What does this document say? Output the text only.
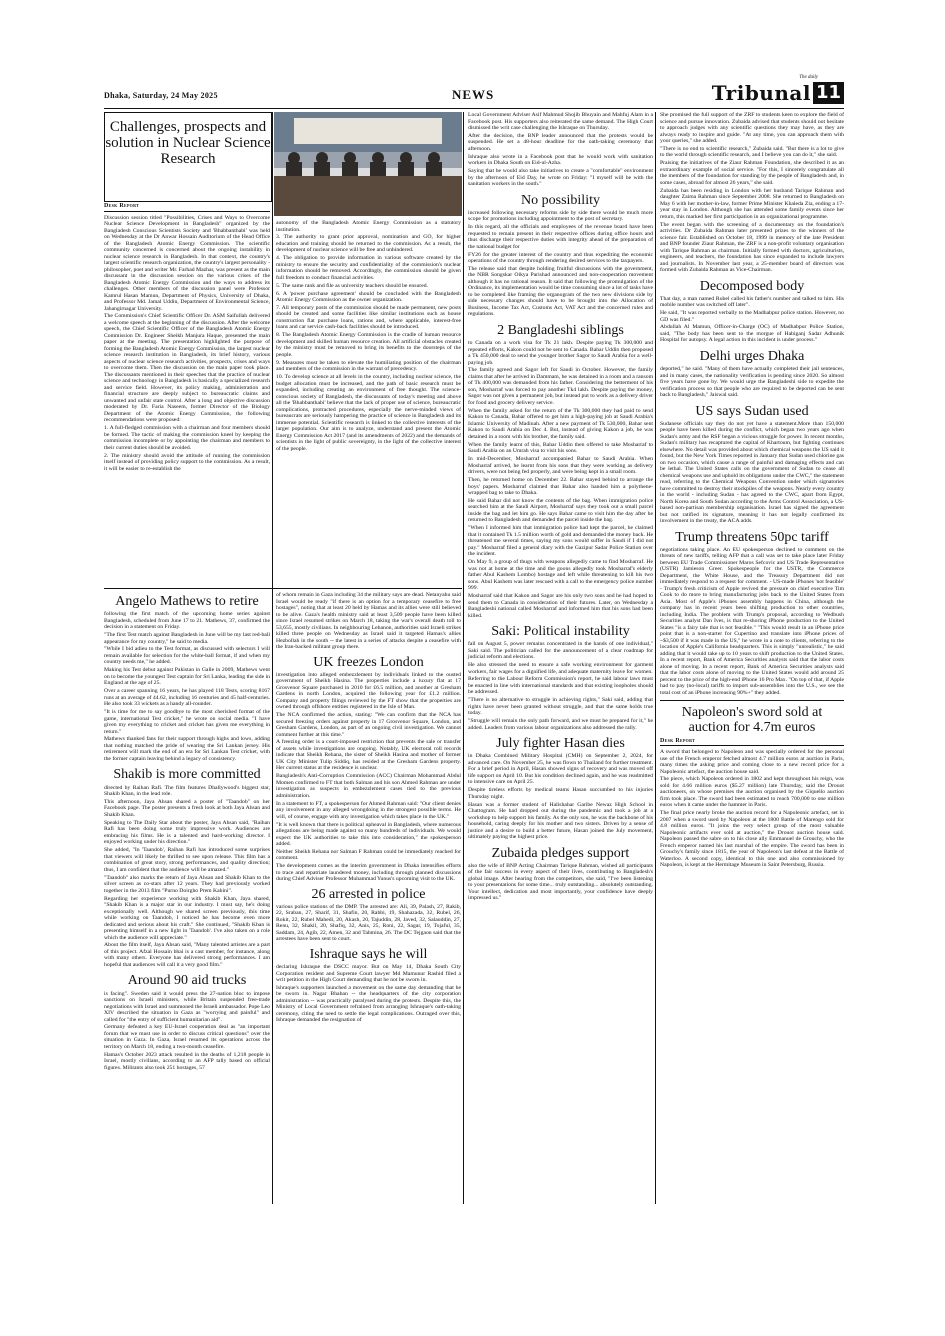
Dhaka, Saturday, 24 May 2025	NEWS
The daily
Tribunal 11
Challenges, prospects and solution in Nuclear Science Research
Desk Report

Discussion session titled "Possibilities, Crises and Ways to Overcome Nuclear Science Development in Bangladesh" organized by the Bangladesh Conscious Scientists Society and 'Bhabbanthabi' was held on Wednesday at the Dr Anwar Hossain Auditorium of the Head Office of the Bangladesh Atomic Energy Commission. The scientific community concerned is concerned about the ongoing instability in nuclear science research in Bangladesh. In that context, the country's largest scientific research organization, the country's largest personality - philosopher, poet and writer Mr. Farhad Mazhar, was present as the main discussant in the discussion session on the various crises of the Bangladesh Atomic Energy Commission and the ways to address its challenges. Other members of the discussion panel were Professor Kamrul Hasan Mamun, Department of Physics, University of Dhaka, and Professor Md. Jamal Uddin, Department of Environmental Science, Jahangirnagar University.

The Commission's Chief Scientific Officer Dr. ASM Saifullah delivered a welcome speech at the beginning of the discussion. After the welcome speech, the Chief Scientific Officer of the Bangladesh Atomic Energy Commission Dr. Engineer Sheikh Manjura Haque, presented the main paper at the meeting. The presentation highlighted the purpose of forming the Bangladesh Atomic Energy Commission, the largest nuclear science research institution in Bangladesh, its brief history, various aspects of nuclear science research activities, prospects, crises and ways to overcome them. Then the discussion on the main paper took place. The discussants mentioned in their speeches that the practice of nuclear science and technology in Bangladesh is basically a specialized research and service field. However, its policy making, administration and financial structure are deeply subject to bureaucratic claims and unwanted and unfair state control. After a long and objective discussion moderated by Dr. Faria Naseem, former Director of the Biology Department of the Atomic Energy Commission, the following recommendations were proposed:

1. A full-fledged commission with a chairman and four members should be formed. The tactic of making the commission kneel by keeping the commission incomplete or by appointing the chairman and members to their current duties should be avoided.

2. The ministry should avoid the attitude of running the commission itself instead of providing policy support to the commission. As a result, it will be easier to re-establish the

autonomy of the Bangladesh Atomic Energy Commission as a statutory institution.

3. The authority to grant prior approval, nomination and GO, for higher education and training should be returned to the commission. As a result, the development of nuclear science will be free and unhindered.

4. The obligation to provide information in various software created by the ministry to ensure the security and confidentiality of the commission's nuclear information should be removed. Accordingly, the commission should be given full freedom to conduct financial activities.

5. The same rank and file as university teachers should be ensured.

6. A 'power purchase agreement' should be concluded with the Bangladesh Atomic Energy Commission as the owner organization.

7. All temporary posts of the commission should be made permanent, new posts should be created and some facilities like similar institutions such as house construction flat purchase loans, rations and, where applicable, interest-free loans and car service cash-back facilities should be introduced.

8. The Bangladesh Atomic Energy Commission is the cradle of human resource development and skilled human resource creation. All artificial obstacles created by the ministry must be removed to bring its benefits to the doorsteps of the people.

9. Measures must be taken to elevate the humiliating position of the chairman and members of the commission in the warrant of precedency.

10. To develop science at all levels in the country, including nuclear science, the budget allocation must be increased, and the path of basic research must be expanded, including creating an environment of free thought. The science-conscious society of Bangladesh, the discussants of today's meeting and above all the 'Bhabbanthabi' believe that the lack of proper use of science, bureaucratic complications, protracted procedures, especially the nerve-minded views of bureaucrats are seriously hampering the practice of science in Bangladesh and its immense potential. Scientific research is linked to the collective interests of the larger population. Our aim is to analyze, understand and present the Atomic Energy Commission Act 2017 (and its amendments of 2022) and the demands of scientists in the light of public sovereignty, in the light of the collective interest of the people.

Angelo Mathews to retire

following the first match of the upcoming home series against Bangladesh, scheduled from June 17 to 21. Mathews, 37, confirmed the decision in a statement on Friday.

"The first Test match against Bangladesh in June will be my last red-ball appearance for my country," he said to media.

"While I bid adieu to the Test format, as discussed with selectors I will remain available for selection for the white-ball format, if and when my country needs me," he added.

Making his Test debut against Pakistan in Galle in 2009, Mathews went on to become the youngest Test captain for Sri Lanka, leading the side in England at the age of 25.

Over a career spanning 16 years, he has played 118 Tests, scoring 8167 runs at an average of 44.62, including 16 centuries and 45 half-centuries. He also took 33 wickets as a handy all-rounder.

"It is time for me to say goodbye to the most cherished format of the game, international Test cricket," he wrote on social media. "I have given my everything to cricket and cricket has given me everything in return."

Mathews thanked fans for their support through highs and lows, adding that nothing matched the pride of wearing the Sri Lankan jersey. His retirement will mark the end of an era for Sri Lankan Test cricket, with the former captain leaving behind a legacy of consistency.

Shakib is more committed

directed by Raihan Rafi. The film features Dhallywood's biggest star, Shakib Khan, in the lead role.

This afternoon, Jaya Ahsan shared a poster of "Taandob" on her Facebook page. The poster presents a fresh look at both Jaya Ahsan and Shakib Khan.

Speaking to The Daily Star about the poster, Jaya Ahsan said, "Raihan Rafi has been doing some truly impressive work. Audiences are embracing his films. He is a talented and hard-working director. I enjoyed working under his direction."

She added, "In 'Taandob', Raihan Rafi has introduced some surprises that viewers will likely be thrilled to see upon release. This film has a combination of great story, strong performances, and quality direction; thus, I am confident that the audience will be amazed."

"Taandob" also marks the return of Jaya Ahsan and Shakib Khan to the silver screen as co-stars after 12 years. They had previously worked together in the 2013 film "Purno Doirgho Prem Kahini".

Regarding her experience working with Shakib Khan, Jaya shared, "Shakib Khan is a major star in our industry. I must say, he's doing exceptionally well. Although we shared screen previously, this time while working on Taandob, I noticed he has become even more dedicated and serious about his craft." She continued, "Shakib Khan is presenting himself in a new light in 'Taandob'. I've also taken on a role which the audience will appreciate."

About the film itself, Jaya Ahsan said, "Many talented artistes are a part of this project. Afzal Hossain bhai is a cast member, for instance, along with many others. Everyone has delivered strong performances. I am hopeful that audiences will call it a very good film."

Around 90 aid trucks

is facing". Sweden said it would press the 27-nation bloc to impose sanctions on Israeli ministers, while Britain suspended free-trade negotiations with Israel and summoned the Israeli ambassador. Pope Leo XIV described the situation in Gaza as "worrying and painful" and called for "the entry of sufficient humanitarian aid".

Germany defeated a key EU-Israel cooperation deal as "an important forum that we must use in order to discuss critical questions" over the situation in Gaza. In Gaza, Israel resumed its operations across the territory on March 18, ending a two-month ceasefire.

Hamas's October 2023 attack resulted in the deaths of 1,218 people in Israel, mostly civilians, according to an AFP tally based on official figures. Militants also took 251 hostages, 57

of whom remain in Gaza including 34 the military says are dead. Netanyahu said Israel would be ready "if there is an option for a temporary ceasefire to free hostages", noting that at least 20 held by Hamas and its allies were still believed to be alive. Gaza's health ministry said at least 3,509 people have been killed since Israel resumed strikes on March 18, taking the war's overall death toll to 53,655, mostly civilians. In neighbouring Lebanon, authorities said Israeli strikes killed three people on Wednesday as Israel said it targeted Hamas's allies Hezbollah in the south -- the latest in a series of attacks despite a ceasefire with the Iran-backed militant group there.

UK freezes London

investigation into alleged embezzlement by individuals linked to the ousted government of Sheikh Hasina. The properties include a luxury flat at 17 Grosvenor Square purchased in 2010 for £6.5 million, and another at Gresham Gardens in north London, acquired the following year for £1.2 million. Company and property filings reviewed by the FT show that the properties are owned through offshore entities registered in the Isle of Man.

The NCA confirmed the action, stating: "We can confirm that the NCA has secured freezing orders against property in 17 Grosvenor Square, London, and Gresham Gardens, London, as part of an ongoing civil investigation. We cannot comment further at this time."

A freezing order is a court-imposed restriction that prevents the sale or transfer of assets while investigations are ongoing. Notably, UK electoral roll records indicate that Sheikh Rehana, the sister of Sheikh Hasina and mother of former UK City Minister Tulip Siddiq, has resided at the Gresham Gardens property. Her current status at the residence is unclear.

Bangladesh's Anti-Corruption Commission (ACC) Chairman Mohammad Abdul Momen confirmed to FT that both Salman and his son Ahmed Rahman are under investigation as suspects in embezzlement cases tied to the previous administration.

In a statement to FT, a spokesperson for Ahmed Rahman said: "Our client denies any involvement in any alleged wrongdoing in the strongest possible terms. He will, of course, engage with any investigation which takes place in the UK."

"It is well known that there is political upheaval in Bangladesh, where numerous allegations are being made against so many hundreds of individuals. We would expect the UK authorities to take this into consideration," the spokesperson added.

Neither Sheikh Rehana nor Salman F Rahman could be immediately reached for comment.

The development comes as the interim government in Dhaka intensifies efforts to trace and repatriate laundered money, including through planned discussions during Chief Adviser Professor Muhammad Yunus's upcoming visit to the UK.

26 arrested in police

various police stations of the DMP. The arrested are: Ali, 39, Palash, 27, Rakib, 22, Sraban, 27, Sharif, 31, Shafin, 20, Rabbi, 19, Shahazada, 32, Rubel, 26, Rokit, 22, Rubel Mahedi, 20, Akash, 20, Tajuddin, 28, Javed, 32, Salauddin, 27, Renu, 32, Shakil, 20, Shafiq, 32, Anis, 25, Roni, 22, Sagar, 19, Tojaful, 35, Saddam, 24, Agib, 22, Amen, 32 and Tahmina, 26. The DC Tejgaon said that the arrestees have been sent to court.

Ishraque says he will

declaring Ishraque the DSCC mayor. But on May 14, Dhaka South City Corporation resident and Supreme Court lawyer Md Mamunur Rashid filed a writ petition in the High Court demanding that he not be sworn in.

Ishraque's supporters launched a movement on the same day demanding that he be sworn in. Nagar Bhaban -- the headquarters of the city corporation administration -- was practically paralysed during the protests. Despite this, the Ministry of Local Government refrained from arranging Ishraque's oath-taking ceremony, citing the need to settle the legal complications. Outraged over this, Ishraque demanded the resignation of

Local Government Adviser Asif Mahmud Shojib Bhuyain and Mahfuj Alam in a Facebook post. His supporters also reiterated the same demand. The High Court dismissed the writ case challenging the Ishraque on Thursday.

After the decision, the BNP leader announced that the protests would be suspended. He set a 48-hour deadline for the oath-taking ceremony that afternoon.

Ishraque also wrote in a Facebook post that he would work with sanitation workers in Dhaka South on Eid-ul-Azha.

Saying that he would also take initiatives to create a "comfortable" environment by the afternoon of Eid Day, he wrote on Friday: "I myself will be with the sanitation workers in the south."

No possibility

increased following necessary reforms side by side there would be much more scope for promotions including appointment to the post of secretary.

In this regard, all the officials and employees of the revenue board have been requested to remain present in their respective offices during office hours and thus discharge their respective duties with integrity ahead of the preparation of the national budget for

FY26 for the greater interest of the country and thus expediting the economic operations of the country through rendering desired services to the taxpayers.

The release said that despite holding fruitful discussions with the government, the NBR Songskar Oikya Parishad announced and non-cooperation movement although it has no rational reason. It said that following the promulgation of the Ordinance, its implementation would be time consuming since a lot of tasks have to be completed like framing the organogram of the two new divisions side by side necessary changes should have to be brought into the Allocation of Business, Income Tax Act, Customs Act, VAT Act and the concerned rules and regulations.

2 Bangladeshi siblings

to Canada on a work visa for Tk 21 lakh. Despite paying Tk 300,000 and repeated efforts, Kakon could not be sent to Canada. Bahar Uddin then proposed a Tk 450,000 deal to send the younger brother Sagor to Saudi Arabia for a well-paying job.

The family agreed and Sagor left for Saudi in October. However, the family claims that after he arrived in Dammam, he was detained in a room and a ransom of Tk 400,000 was demanded from his father. Considering the betterment of his son, Mosharraf was forced to pay another Tk4 lakh. Despite paying the money, Sagor was not given a permanent job, but instead put to work as a delivery driver for food and grocery delivery service.

When the family asked for the return of the Tk 300,000 they had paid to send Kakon to Canada, Bahar offered to get him a high-paying job at Saudi Arabia's Islamic University of Madinah. After a new payment of Tk 530,000, Bahar sent Kakon to Saudi Arabia on Dec 4. But, instead of giving Kakon a job, he was detained in a room with his brother, the family said.

When the family learnt of this, Bahar Uddin then offered to take Mosharraf to Saudi Arabia on an Umrah visa to visit his sons.

In mid-December, Mosharraf accompanied Bahar to Saudi Arabia. When Mosharraf arrived, he learnt from his sons that they were working as delivery drivers, were not being fed properly, and were being kept in a small room.

Then, he returned home on December 22. Bahar stayed behind to arrange the boys' papers. Mosharraf claimed that Bahar also handed him a polythene-wrapped bag to take to Dhaka.

He said Bahar did not know the contents of the bag. When immigration police searched him at the Saudi Airport, Mosharraf says they took out a small parcel inside the bag and let him go. He says Bahar came to visit him the day after he returned to Bangladesh and demanded the parcel inside the bag.

"When I informed him that immigration police had kept the parcel, he claimed that it contained Tk 1.5 million worth of gold and demanded the money back. He threatened me several times, saying my sons would suffer in Saudi if I did not pay." Mosharraf filed a general diary with the Gazipur Sadar Police Station over the incident.

On May 9, a group of thugs with weapons allegedly came to find Mosharraf. He was not at home at the time and the goons allegedly took Mosharraf's elderly father Abul Kashem Lombo) hostage and left while threatening to kill his two sons. Abul Kashem was later rescued with a call to the emergency police number 999.

Mosharraf said that Kakon and Sagor are his only two sons and he had hoped to send them to Canada in consideration of their futures. Later, on Wednesday a Bangladeshi national called Mosharraf and informed him that his sons had been killed.

Saki: Political instability

fall on August 5, power remains concentrated in the hands of one individual," Saki said. The politician called for the announcement of a clear roadmap for judicial reform and elections.

He also stressed the need to ensure a safe working environment for garment workers, fair wages for a dignified life, and adequate maternity leave for women.

Referring to the Labour Reform Commission's report, he said labour laws must be enacted in line with international standards and that existing loopholes should be addressed.

"There is no alternative to struggle in achieving rights," Saki said, adding that rights have never been granted without struggle, and that the same holds true today.

"Struggle will remain the only path forward, and we must be prepared for it," he added. Leaders from various labour organizations also addressed the rally.

July fighter Hasan dies

in Dhaka Combined Military Hospital (CMH) on September 2, 2024, for advanced care. On November 25, he was flown to Thailand for further treatment. For a brief period in April, Hasan showed signs of recovery and was moved off life support on April 10. But his condition declined again, and he was readmitted to intensive care on April 25.

Despite tireless efforts by medical teams Hasan succumbed to his injuries Thursday night.

Hasan was a former student of Halishahar Garibe Newaz High School in Chattogram. He had dropped out during the pandemic and took a job at a workshop to help support his family. As the only son, he was the backbone of his household, caring deeply for his mother and two sisters. Driven by a sense of justice and a desire to build a better future, Hasan joined the July movement, ultimately paying the highest price.

Zubaida pledges support

also the wife of BNP Acting Chairman Tarique Rahman, wished all participants of the fair success in every aspect of their lives, contributing to Bangladesh's global image. After hearing from the competitors, she said, "I've been listening to your presentations for some time... truly outstanding... absolutely outstanding. Your intellect, dedication and most importantly, your confidence have deeply impressed us."

She promised the full support of the ZRF to students keen to explore the field of science and pursue innovation. Zubaida advised that students should not hesitate to approach judges with any scientific questions they may have, as they are always ready to inspire and guide. "At any time, you can approach them with your queries," she added.

"There is no end to scientific research," Zubaida said. "But there is a lot to give to the world through scientific research, and I believe you can do it," she said.

Praising the initiatives of the Ziaur Rahman Foundation, she described it as an extraordinary example of social service. "For this, I sincerely congratulate all the members of the foundation for standing by the people of Bangladesh and, in some cases, abroad for almost 26 years," she said.

Zubaida has been residing in London with her husband Tarique Rahman and daughter Zaima Rahman since September 2008. She returned to Bangladesh on May 6 with her mother-in-law, former Prime Minister Khaleda Zia, ending a 17-year stay in London. Although she has attended some family events since her return, this marked her first participation in an organizational programme.

The event began with the screening of a documentary on the foundation's activities. Dr Zubaida Rahman later presented prizes to the winners of the science fair. Established on October 18, 1999 in memory of the late President and BNP founder Ziaur Rahman, the ZRF is a non-profit voluntary organisation with Tarique Rahman as chairman. Initially formed with doctors, agriculturists, engineers, and teachers, the foundation has since expanded to include lawyers and journalists. In November last year, a 25-member board of directors was formed with Zubaida Rahman as Vice-Chairman.

Decomposed body

That day, a man named Rubel called his father's number and talked to him. His mobile number was switched off later".

He said, "It was reported verbally to the Madhabpur police station. However, no GD was filed."

Abdullah Al Mamun, Officer-in-Charge (OC) of Madhabpur Police Station, said, "The body has been sent to the morgue of Habiganj Sadar Adhunik Hospital for autopsy. A legal action in this incident is under process."

Delhi urges Dhaka

deported," he said. "Many of them have actually completed their jail sentences, and in many cases, the nationality verification is pending since 2020. So almost five years have gone by. We would urge the Bangladeshi side to expedite the verification process so that people who are required to be deported can be sent back to Bangladesh," Jaiswal said.

US says Sudan used

Sudanese officials say they do not yet have a statement.More than 150,000 people have been killed during the conflict, which began two years ago when Sudan's army and the RSF began a vicious struggle for power. In recent months, Sudan's military has recaptured the capital of Khartoum, but fighting continues elsewhere. No detail was provided about which chemical weapons the US said it found, but the New York Times reported in January that Sudan used chlorine gas on two occasion, which cause a range of painful and damaging effects and can be lethal. The United States calls on the government of Sudan to cease all chemical weapons use and uphold its obligations under the CWC," the statement read, referring to the Chemical Weapons Convention under which signatories have committed to destroy their stockpiles of the weapons. Nearly every country in the world - including Sudan - has agreed to the CWC, apart from Egypt, North Korea and South Sudan according to the Arms Control Association, a US-based non-partisan membership organisation. Israel has signed the agreement but not ratified its signature, meaning it has not legally confirmed its involvement in the treaty, the ACA adds.

Trump threatens 50pc tariff

negotiations taking place. An EU spokesperson declined to comment on the threats of new tariffs, telling AFP that a call was set to take place later Friday between EU Trade Commissioner Maros Sefcovic and US Trade Representative (USTR) Jamieson Greer. Spokespeople for the USTR, the Commerce Department, the White House, and the Treasury Department did not immediately respond to a request for comment. - US-made iPhones 'not feasible' - Trump's fresh criticism of Apple revived the pressure on chief executive Tim Cook to do more to bring manufacturing jobs back to the United States from Asia. Most of Apple's iPhones assembly happens in China, although the company has in recent years been shifting production to other countries, including India. The problem with Trump's proposal, according to Wedbush Securities analyst Dan Ives, is that re-shoring iPhone production to the United States "is a fairy tale that is not feasible." "This would result in an iPhone price point that is a non-starter for Cupertino and translate into iPhone prices of ~$3,500 if it was made in the US," he wrote in a note to clients, referring to the location of Apple's California headquarters. This is simply "unrealistic," he said adding that it would take up to 10 years to shift production to the United States. In a recent report, Bank of America Securities analysts said that the labor costs alone of moving. In a recent report, Bank of America Securities analysts said that the labor costs alone of moving to the United States would add around 25 percent to the price of the high-end iPhone 16 Pro Max. "On top of that, if Apple had to pay (no-local) tariffs to import sub-assemblies into the U.S., we see the total cost of an iPhone increasing 90%+" they added.

Napoleon's sword sold at auction for 4.7m euros
Desk Report

A sword that belonged to Napoleon and was specially ordered for the personal use of the French emperor fetched almost 4.7 million euros at auction in Paris, many times the asking price and coming close to a new record price for a Napoleonic artefact, the auction house said.

The piece, which Napoleon ordered in 1802 and kept throughout his reign, was sold for 4.66 million euros ($5.27 million) late Thursday, said the Drouot auctioneers, on whose premises the auction organised by the Giquello auction firm took place. The sword had been estimated to reach 700,000 to one million euros when it came under the hammer in Paris.

The final price nearly broke the auction record for a Napoleonic artefact, set in 2007 when a sword used by Napoleon at the 1800 Battle of Marengo sold for 4.8 million euros. "It joins the very select group of the most valuable Napoleonic artifacts ever sold at auction," the Drouot auction house said. Napoleon passed the sabre on to his close ally Emmanuel de Grouchy, who the French emperor named his last marshal of the empire. The sword has been in Grouchy's family since 1815, the year of Napoleon's last defeat at the Battle of Waterloo. A second copy, identical to this one and also commissioned by Napoleon, is kept at the Hermitage Museum in Saint Petersburg, Russia.
